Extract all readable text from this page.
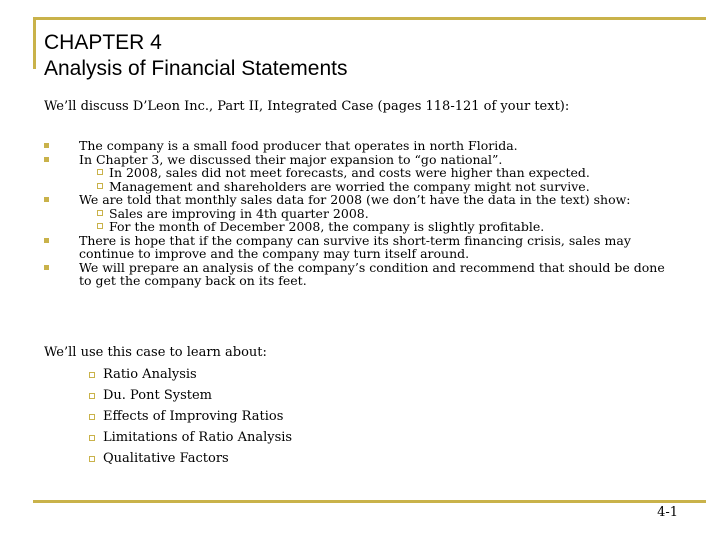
CHAPTER 4
Analysis of Financial Statements
We’ll discuss D’Leon Inc., Part II, Integrated Case (pages 118-121 of your text):
The company is a small food producer that operates in north Florida.
In Chapter 3, we discussed their major expansion to “go national”.
In 2008, sales did not meet forecasts, and costs were higher than expected.
Management and shareholders are worried the company might not survive.
We are told that monthly sales data for 2008 (we don’t have the data in the text) show:
Sales are improving in 4th quarter 2008.
For the month of December 2008, the company is slightly profitable.
There is hope that if the company can survive its short-term financing crisis, sales may continue to improve and the company may turn itself around.
We will prepare an analysis of the company’s condition and recommend that should be done to get the company back on its feet.
We’ll use this case to learn about:
Ratio Analysis
Du. Pont System
Effects of Improving Ratios
Limitations of Ratio Analysis
Qualitative Factors
4-1
